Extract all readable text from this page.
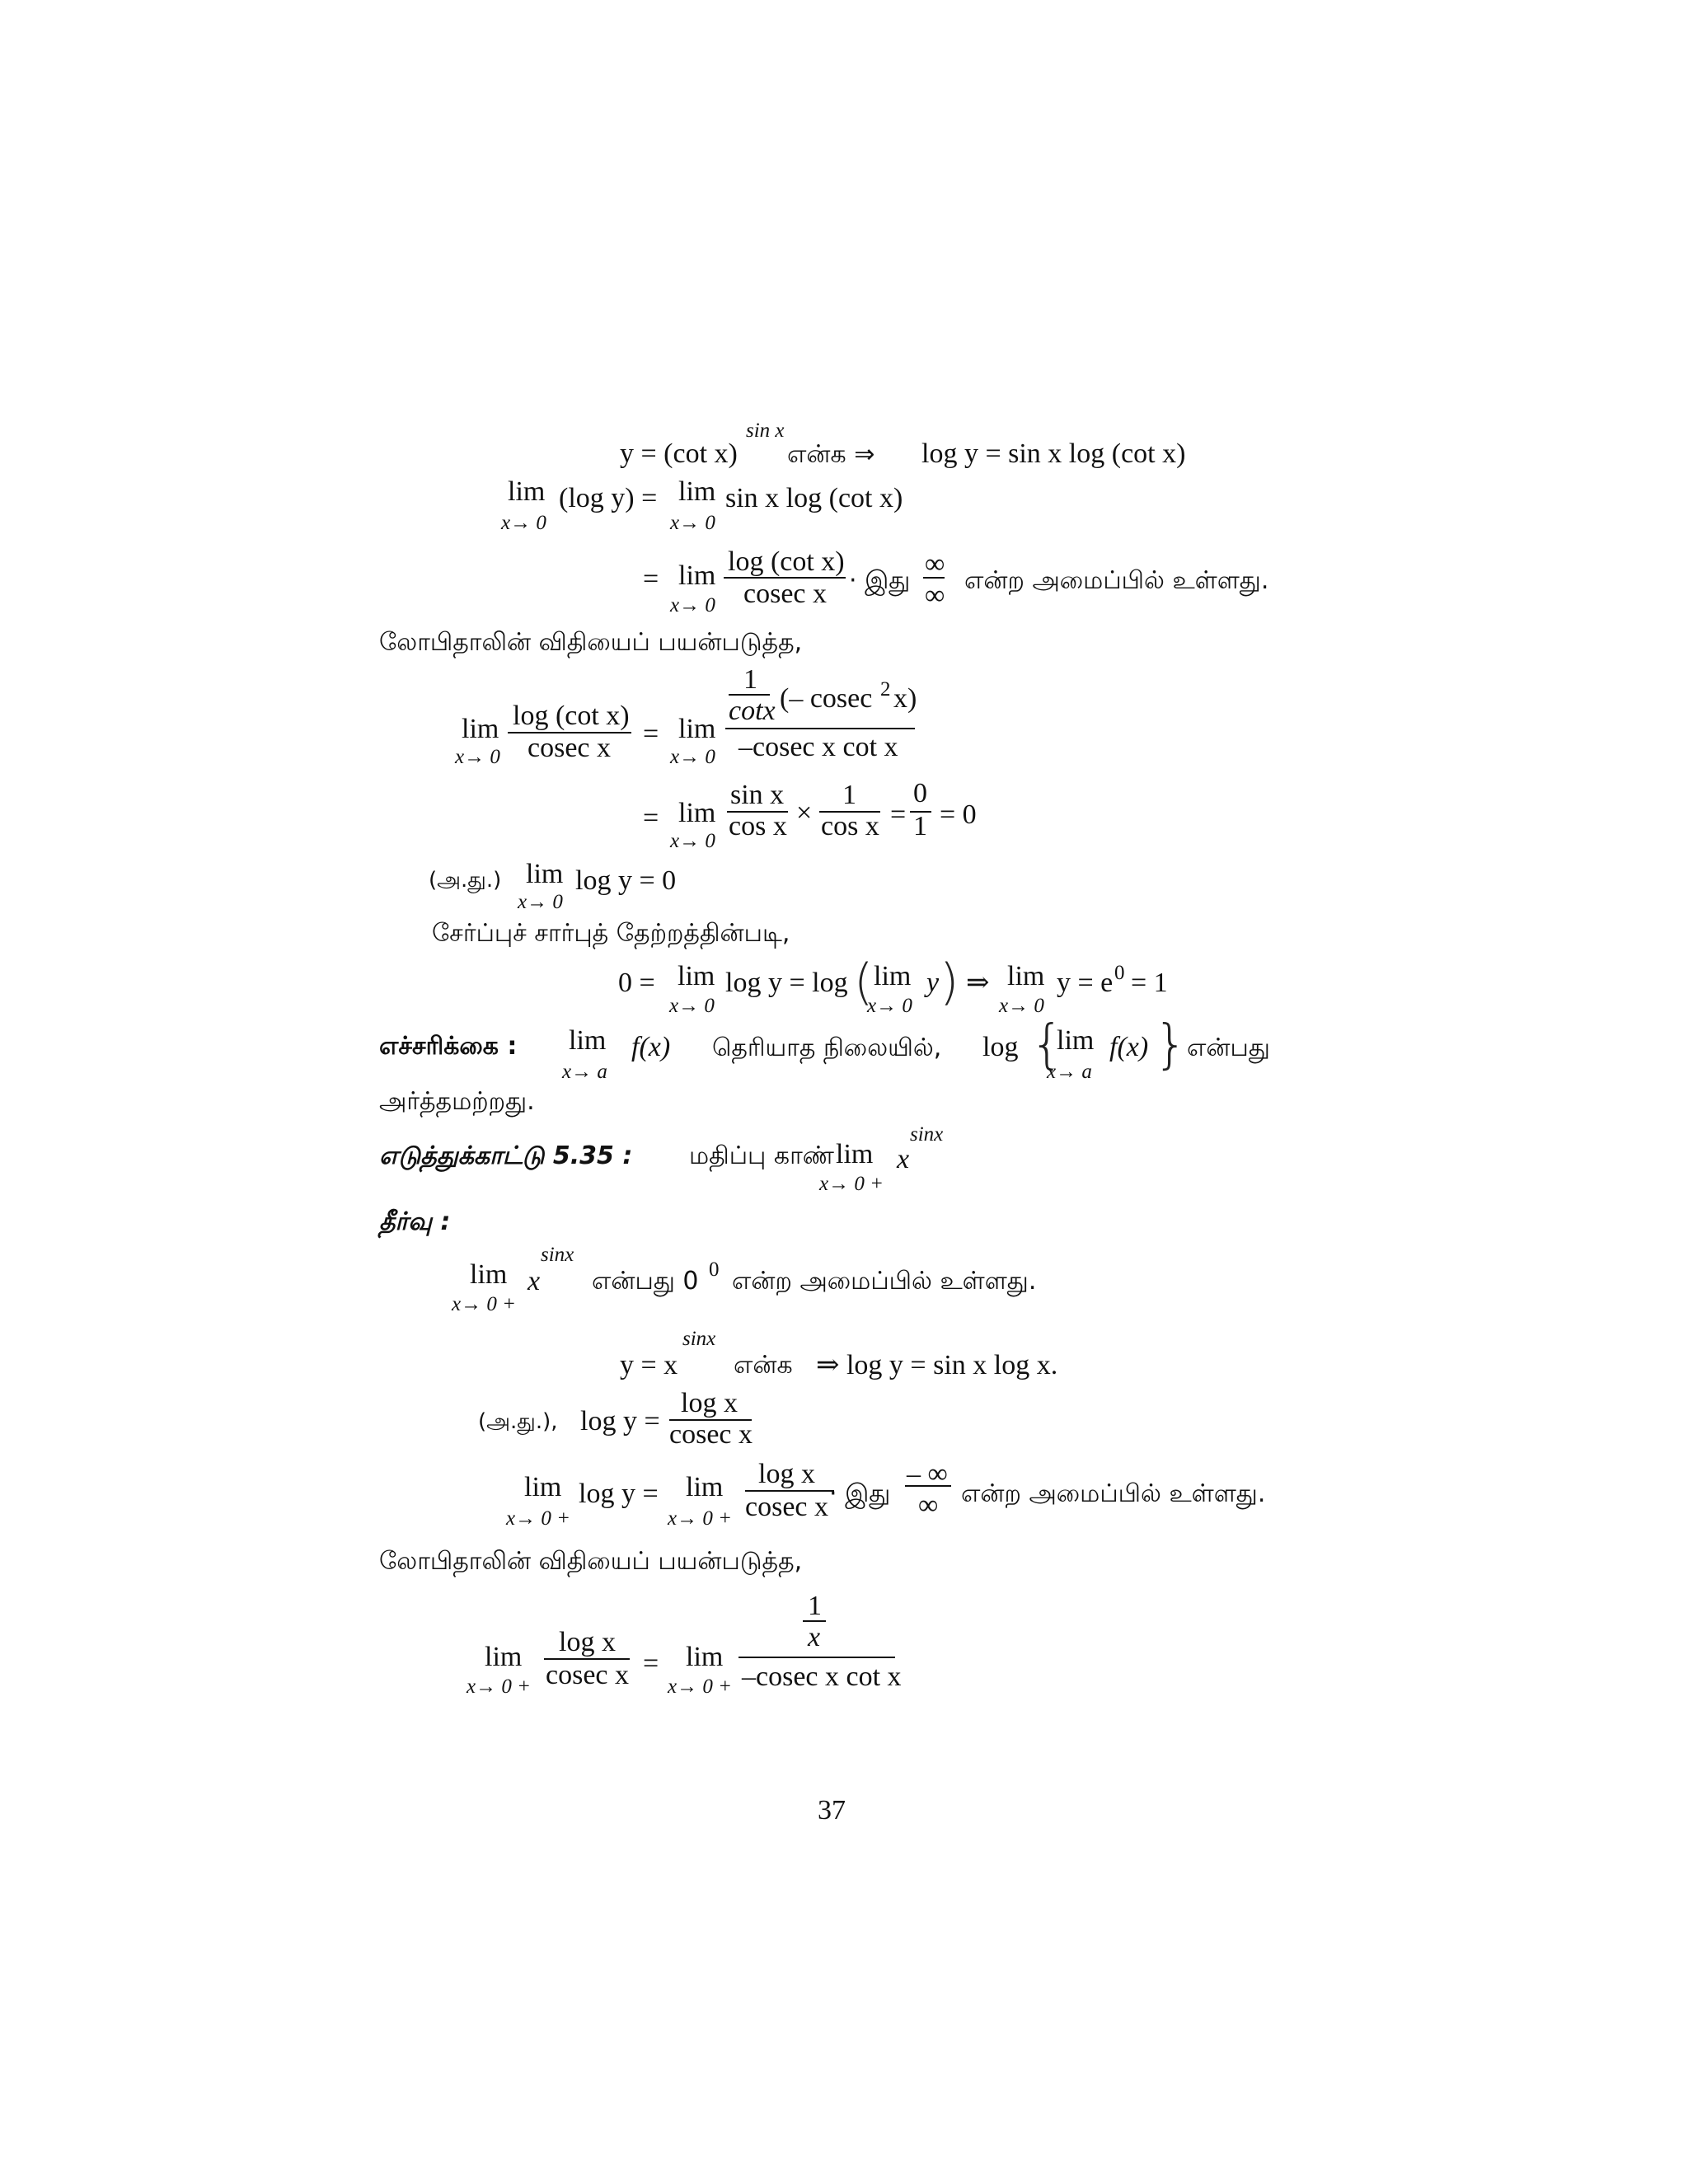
sin x
y = (cot x) என்க ⇒ log y = sin x log (cot x)
lim
x→ 0
(log y) = lim
x→ 0
sin x log (cot x)
= lim
x→ 0
log (cot x)
cosec x · இது
∞
∞ என்ற அமைப்பில் உள்ளது.
லோபிதாலின் விதியைப் பயன்படுத்த,
lim
x→ 0
log (cot x)
cosec x = lim
x→ 0
1
cotx (– cosec 2 x)
–cosec x cot x
= lim
x→ 0
sin x
cos x ×
1
cos x =
0
1 = 0
(அ.து.) lim
x→ 0
log y = 0
சேர்ப்புச் சார்புத் தேற்றத்தின்படி,
0 = lim
x→ 0
log y = log ( lim
x→ 0
y ) ⇒ lim
x→ 0
y = e 0 = 1
எச்சரிக்கை : lim
x→ a
f(x) தெரியாத நிலையில், log {
lim
x→ a
f(x) } என்பது
அர்த்தமற்றது.
எடுத்துக்காட்டு 5.35 : மதிப்பு காண் lim
x→ 0 +
x
sinx
தீர்வு :
lim
x→ 0 +
x
sinx
என்பது 0 0 என்ற அமைப்பில் உள்ளது.
sinx
y = x என்க ⇒ log y = sin x log x.
(அ.து.), log y =
log x
cosec x
lim
x→ 0 +
log y = lim
x→ 0 +
log x
cosec x · இது
– ∞
∞ என்ற அமைப்பில் உள்ளது.
லோபிதாலின் விதியைப் பயன்படுத்த,
lim
x→ 0 +
log x
cosec x = lim
x→ 0 +
1
x
–cosec x cot x
37
